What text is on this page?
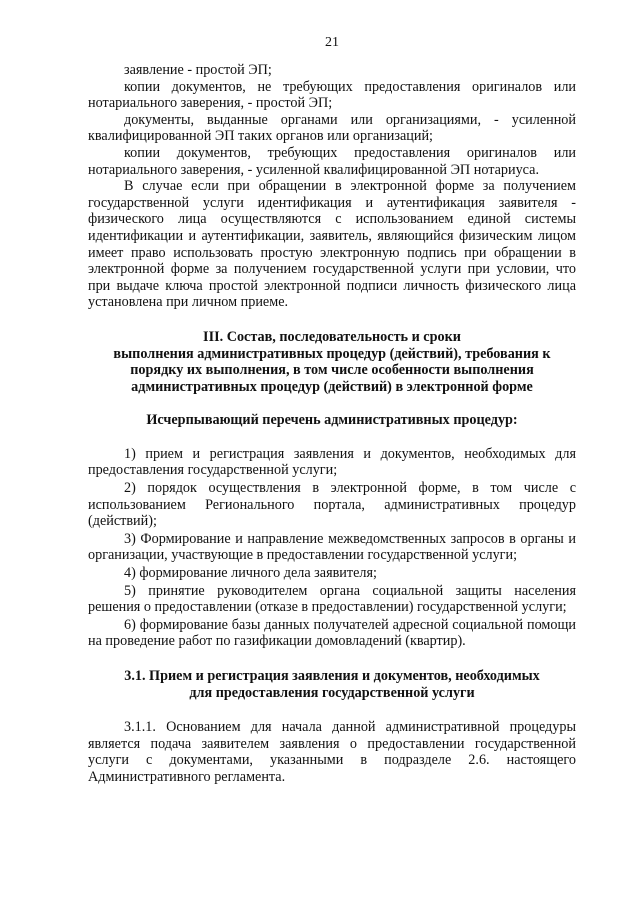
21

заявление - простой ЭП;

копии документов, не требующих предоставления оригиналов или нотариального заверения, - простой ЭП;

документы, выданные органами или организациями, - усиленной квалифицированной ЭП таких органов или организаций;

копии документов, требующих предоставления оригиналов или нотариального заверения, - усиленной квалифицированной ЭП нотариуса.

В случае если при обращении в электронной форме за получением государственной услуги идентификация и аутентификация заявителя - физического лица осуществляются с использованием единой системы идентификации и аутентификации, заявитель, являющийся физическим лицом имеет право использовать простую электронную подпись при обращении в электронной форме за получением государственной услуги при условии, что при выдаче ключа простой электронной подписи личность физического лица установлена при личном приеме.

III. Состав, последовательность и сроки
выполнения административных процедур (действий), требования к
порядку их выполнения, в том числе особенности выполнения
административных процедур (действий) в электронной форме
Исчерпывающий перечень административных процедур:

1) прием и регистрация заявления и документов, необходимых для предоставления государственной услуги;

2) порядок осуществления в электронной форме, в том числе с использованием Регионального портала, административных процедур (действий);

3) Формирование и направление межведомственных запросов в органы и организации, участвующие в предоставлении государственной услуги;

4) формирование личного дела заявителя;

5) принятие руководителем органа социальной защиты населения решения о предоставлении (отказе в предоставлении) государственной услуги;

6) формирование базы данных получателей адресной социальной помощи на проведение работ по газификации домовладений (квартир).

3.1. Прием и регистрация заявления и документов, необходимых
для предоставления государственной услуги

3.1.1. Основанием для начала данной административной процедуры является подача заявителем заявления о предоставлении государственной услуги с документами, указанными в подразделе 2.6. настоящего Административного регламента.
